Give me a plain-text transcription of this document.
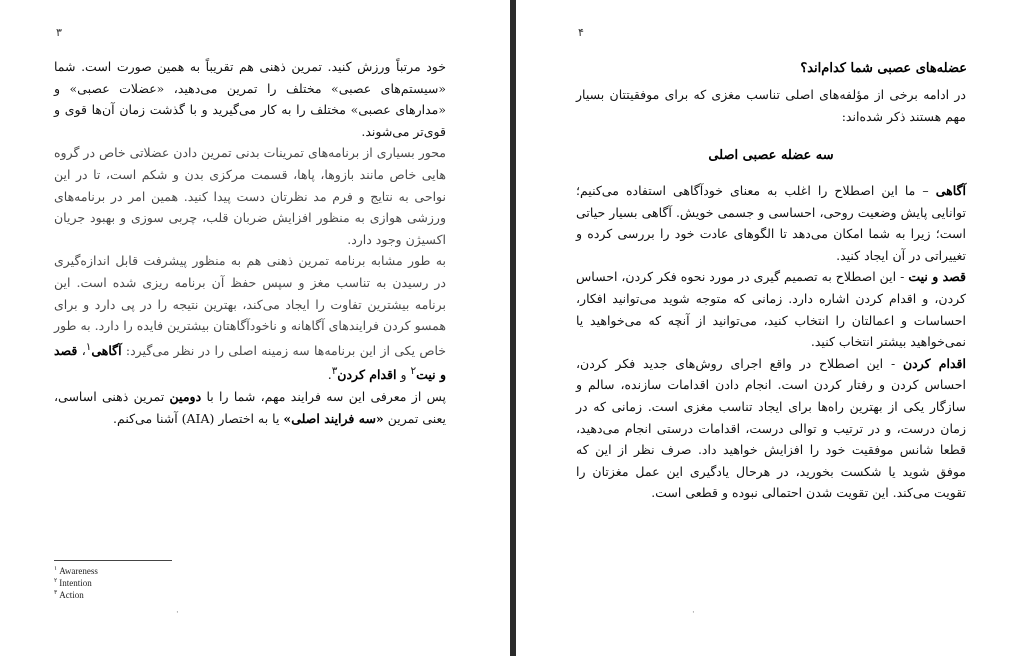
۳

خود مرتباً ورزش کنید. تمرین ذهنی هم تقریباً به همین صورت است. شما «سیستم‌های عصبی» مختلف را تمرین می‌دهید، «عضلات عصبی» و «مدارهای عصبی» مختلف را به کار می‌گیرید و با گذشت زمان آن‌ها قوی و قوی‌تر می‌شوند.

محور بسیاری از برنامه‌های تمرینات بدنی تمرین دادن عضلاتی خاص در گروه هایی خاص مانند بازوها، پاها، قسمت مرکزی بدن و شکم است، تا در این نواحی به نتایج و فرم مد نظرتان دست پیدا کنید. همین امر در برنامه‌های ورزشی هوازی به منظور افزایش ضربان قلب، چربی سوزی و بهبود جریان اکسیژن وجود دارد.

به طور مشابه برنامه تمرین ذهنی هم به منظور پیشرفت قابل اندازه‌گیری در رسیدن به تناسب مغز و سپس حفظ آن برنامه ریزی شده است. این برنامه بیشترین تفاوت را ایجاد می‌کند، بهترین نتیجه را در پی دارد و برای همسو کردن فرایندهای آگاهانه و ناخودآگاهتان بیشترین فایده را دارد. به طور خاص یکی از این برنامه‌ها سه زمینه اصلی را در نظر می‌گیرد: آگاهی$^۱$، قصد و نیت$^۲$ و اقدام کردن$^۳$.

پس از معرفی این سه فرایند مهم، شما را با دومین تمرین ذهنی اساسی، یعنی تمرین «سه فرایند اصلی» یا به اختصار (AIA) آشنا می‌کنم.

$^۱$ Awareness
$^۲$ Intention
$^۳$ Action
·
۴
عضله‌های عصبی شما کدام‌اند؟

در ادامه برخی از مؤلفه‌های اصلی تناسب مغزی که برای موفقیتتان بسیار مهم هستند ذکر شده‌اند:

سه عضله عصبی اصلی

آگاهی – ما این اصطلاح را اغلب به معنای خودآگاهی استفاده می‌کنیم؛ توانایی پایش وضعیت روحی، احساسی و جسمی خویش. آگاهی بسیار حیاتی است؛ زیرا به شما امکان می‌دهد تا الگوهای عادت خود را بررسی کرده و تغییراتی در آن ایجاد کنید.

قصد و نیت - این اصطلاح به تصمیم گیری در مورد نحوه فکر کردن، احساس کردن، و اقدام کردن اشاره دارد. زمانی که متوجه شوید می‌توانید افکار، احساسات و اعمالتان را انتخاب کنید، می‌توانید از آنچه که می‌خواهید یا نمی‌خواهید بیشتر انتخاب کنید.

اقدام کردن - این اصطلاح در واقع اجرای روش‌های جدید فکر کردن، احساس کردن و رفتار کردن است. انجام دادن اقدامات سازنده، سالم و سازگار یکی از بهترین راه‌ها برای ایجاد تناسب مغزی است. زمانی که در زمان درست، و در ترتیب و توالی درست، اقدامات درستی انجام می‌دهید، قطعا شانس موفقیت خود را افزایش خواهید داد. صرف نظر از این که موفق شوید یا شکست بخورید، در هرحال یادگیری این عمل مغزتان را تقویت می‌کند. این تقویت شدن احتمالی نبوده و قطعی است.

·
